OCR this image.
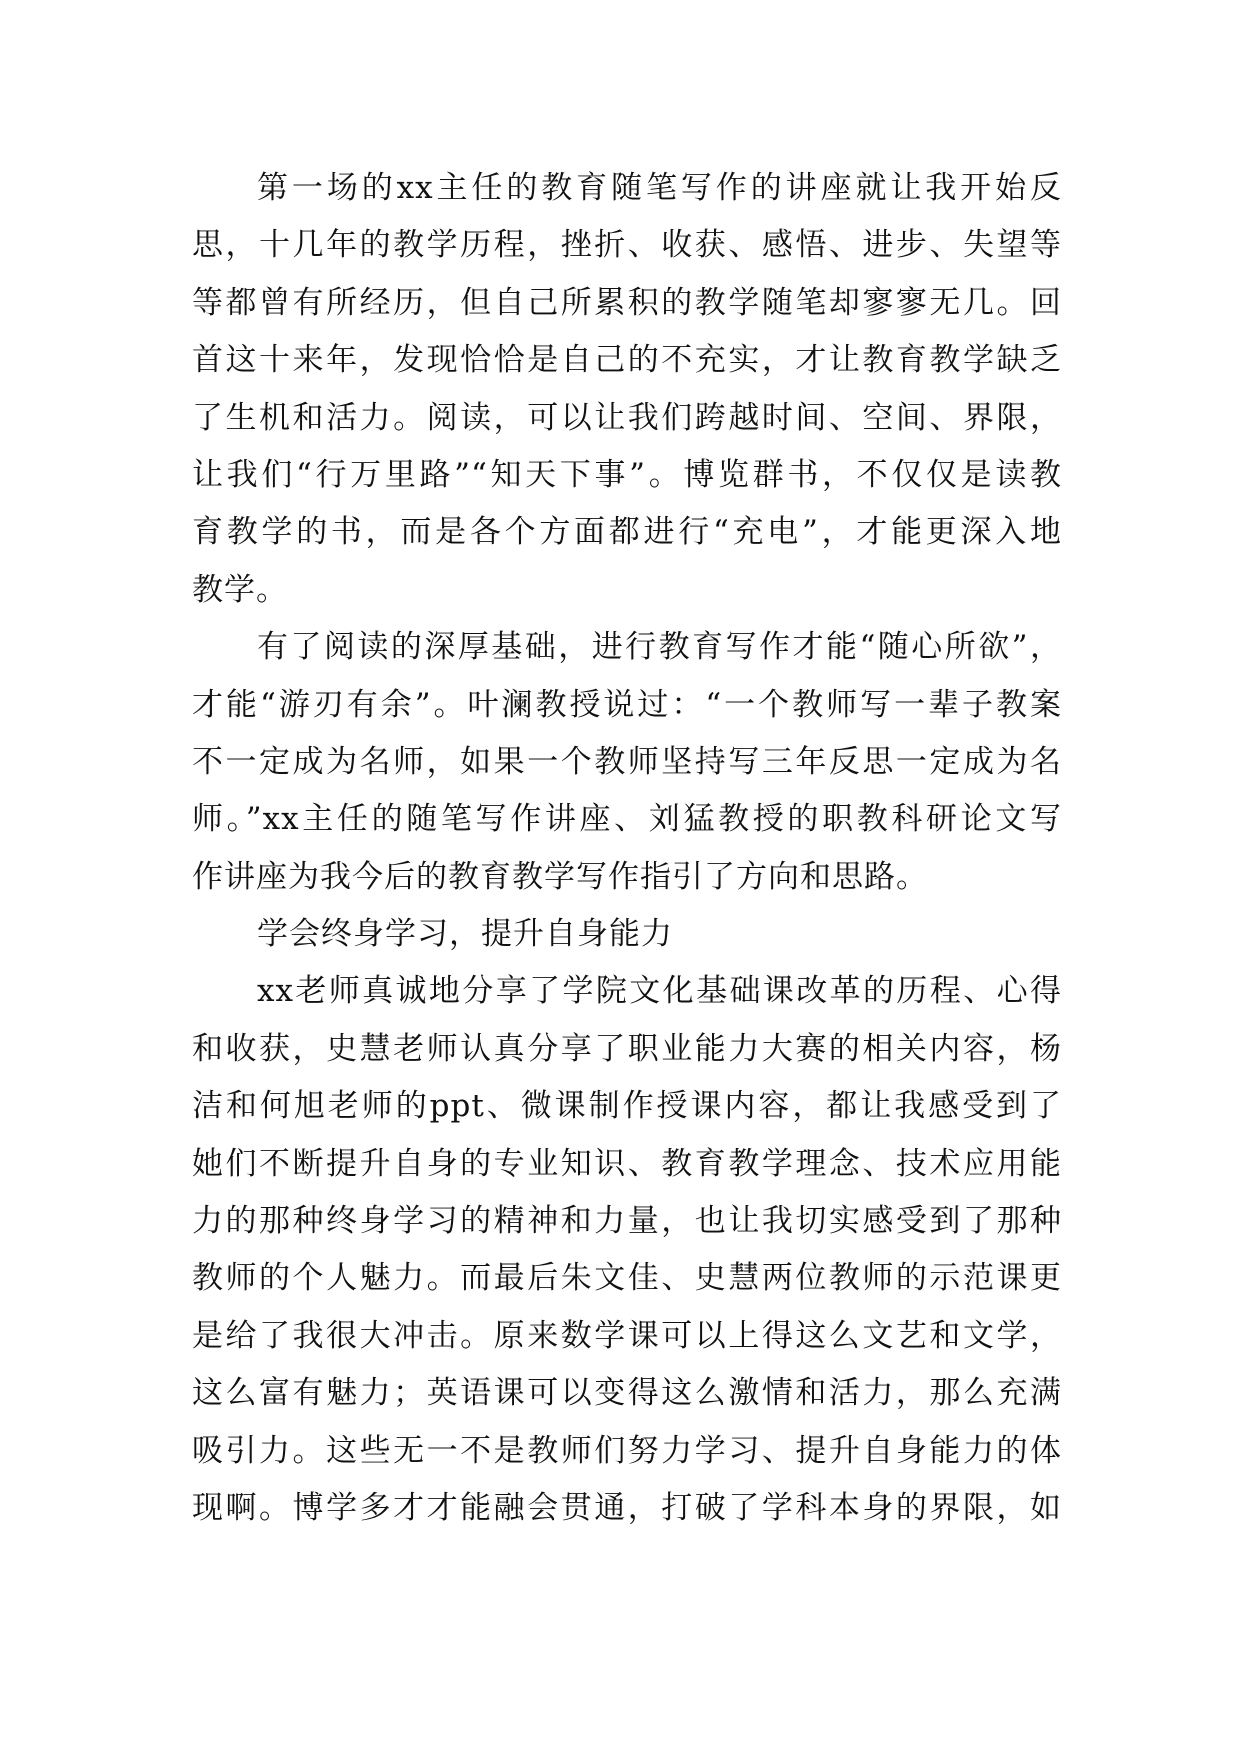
第一场的xx主任的教育随笔写作的讲座就让我开始反
思，十几年的教学历程，挫折、收获、感悟、进步、失望等
等都曾有所经历，但自己所累积的教学随笔却寥寥无几。回
首这十来年，发现恰恰是自己的不充实，才让教育教学缺乏
了生机和活力。阅读，可以让我们跨越时间、空间、界限，
让我们“行万里路”“知天下事”。博览群书，不仅仅是读教
育教学的书，而是各个方面都进行“充电”，才能更深入地
教学。
有了阅读的深厚基础，进行教育写作才能“随心所欲”，
才能“游刃有余”。叶澜教授说过：“一个教师写一辈子教案
不一定成为名师，如果一个教师坚持写三年反思一定成为名
师。”xx主任的随笔写作讲座、刘猛教授的职教科研论文写
作讲座为我今后的教育教学写作指引了方向和思路。
学会终身学习，提升自身能力
xx老师真诚地分享了学院文化基础课改革的历程、心得
和收获，史慧老师认真分享了职业能力大赛的相关内容，杨
洁和何旭老师的ppt、微课制作授课内容，都让我感受到了
她们不断提升自身的专业知识、教育教学理念、技术应用能
力的那种终身学习的精神和力量，也让我切实感受到了那种
教师的个人魅力。而最后朱文佳、史慧两位教师的示范课更
是给了我很大冲击。原来数学课可以上得这么文艺和文学，
这么富有魅力；英语课可以变得这么激情和活力，那么充满
吸引力。这些无一不是教师们努力学习、提升自身能力的体
现啊。博学多才才能融会贯通，打破了学科本身的界限，如
